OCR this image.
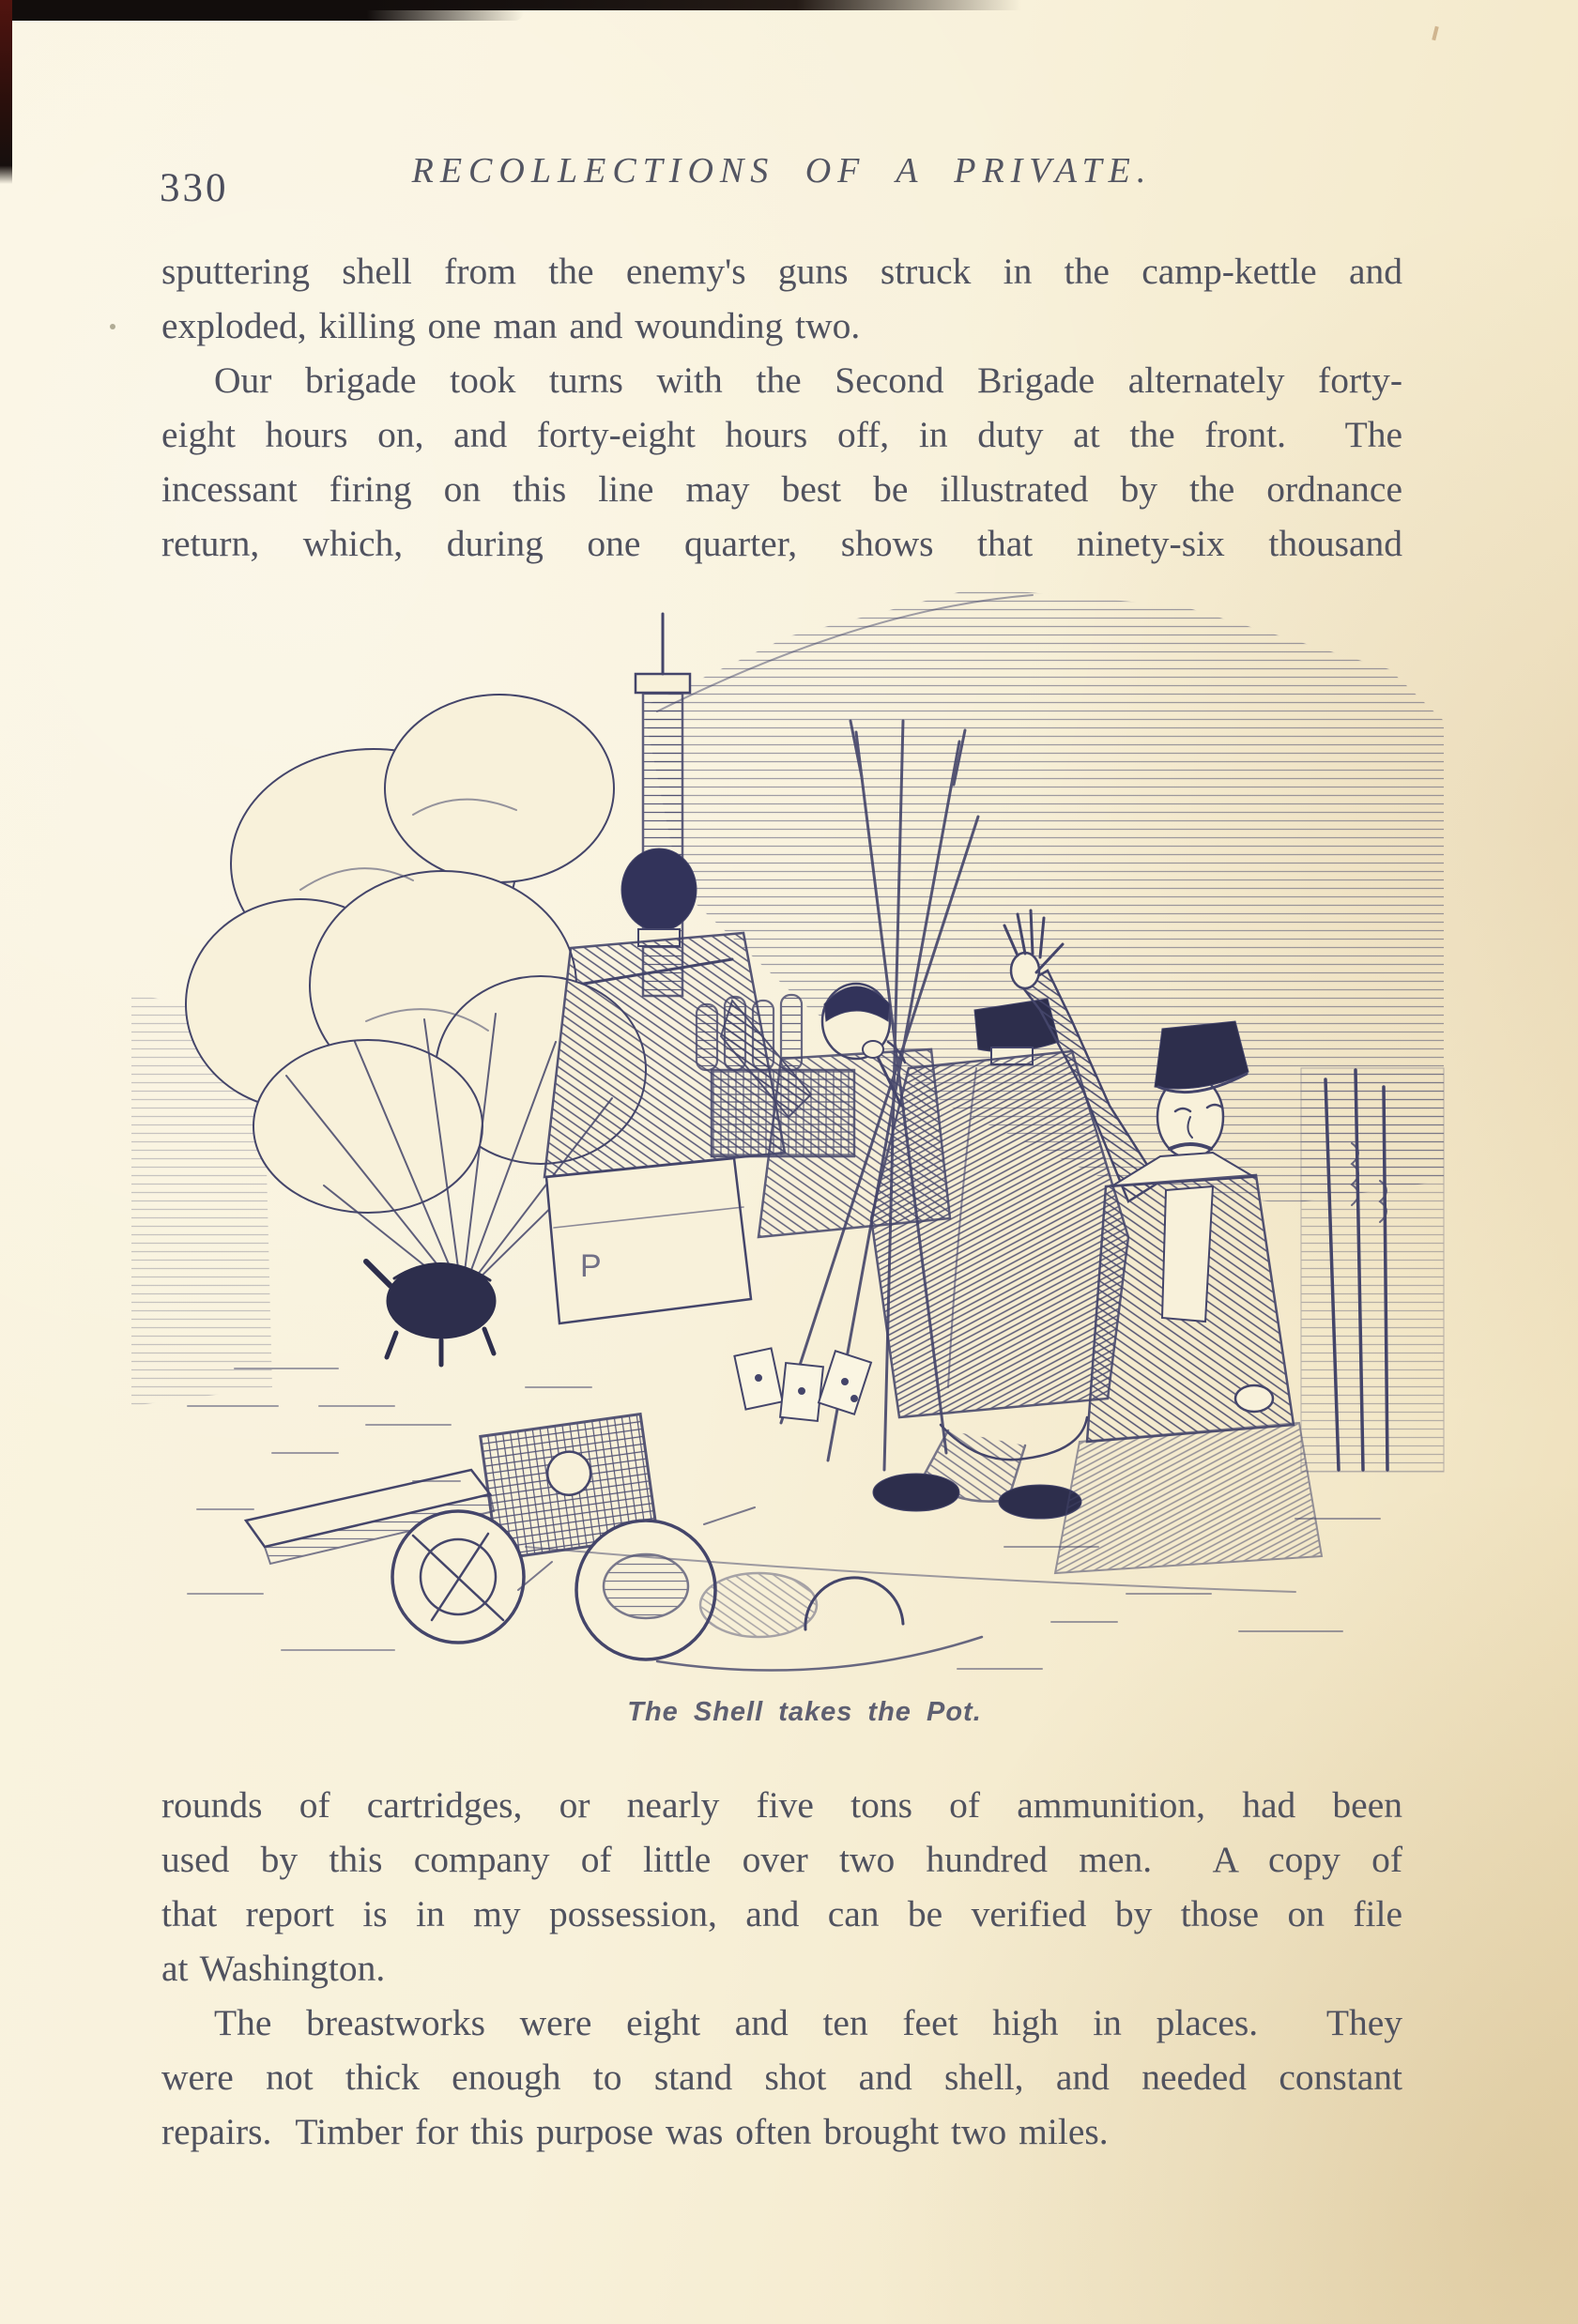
330	RECOLLECTIONS OF A PRIVATE.
sputtering shell from the enemy's guns struck in the camp-kettle and
exploded, killing one man and wounding two.
Our brigade took turns with the Second Brigade alternately forty-
eight hours on, and forty-eight hours off, in duty at the front.  The
incessant firing on this line may best be illustrated by the ordnance
return, which, during one quarter, shows that ninety-six thousand
P
The Shell takes the Pot.
rounds of cartridges, or nearly five tons of ammunition, had been
used by this company of little over two hundred men.  A copy of
that report is in my possession, and can be verified by those on file
at Washington.
The breastworks were eight and ten feet high in places.  They
were not thick enough to stand shot and shell, and needed constant
repairs.  Timber for this purpose was often brought two miles.
